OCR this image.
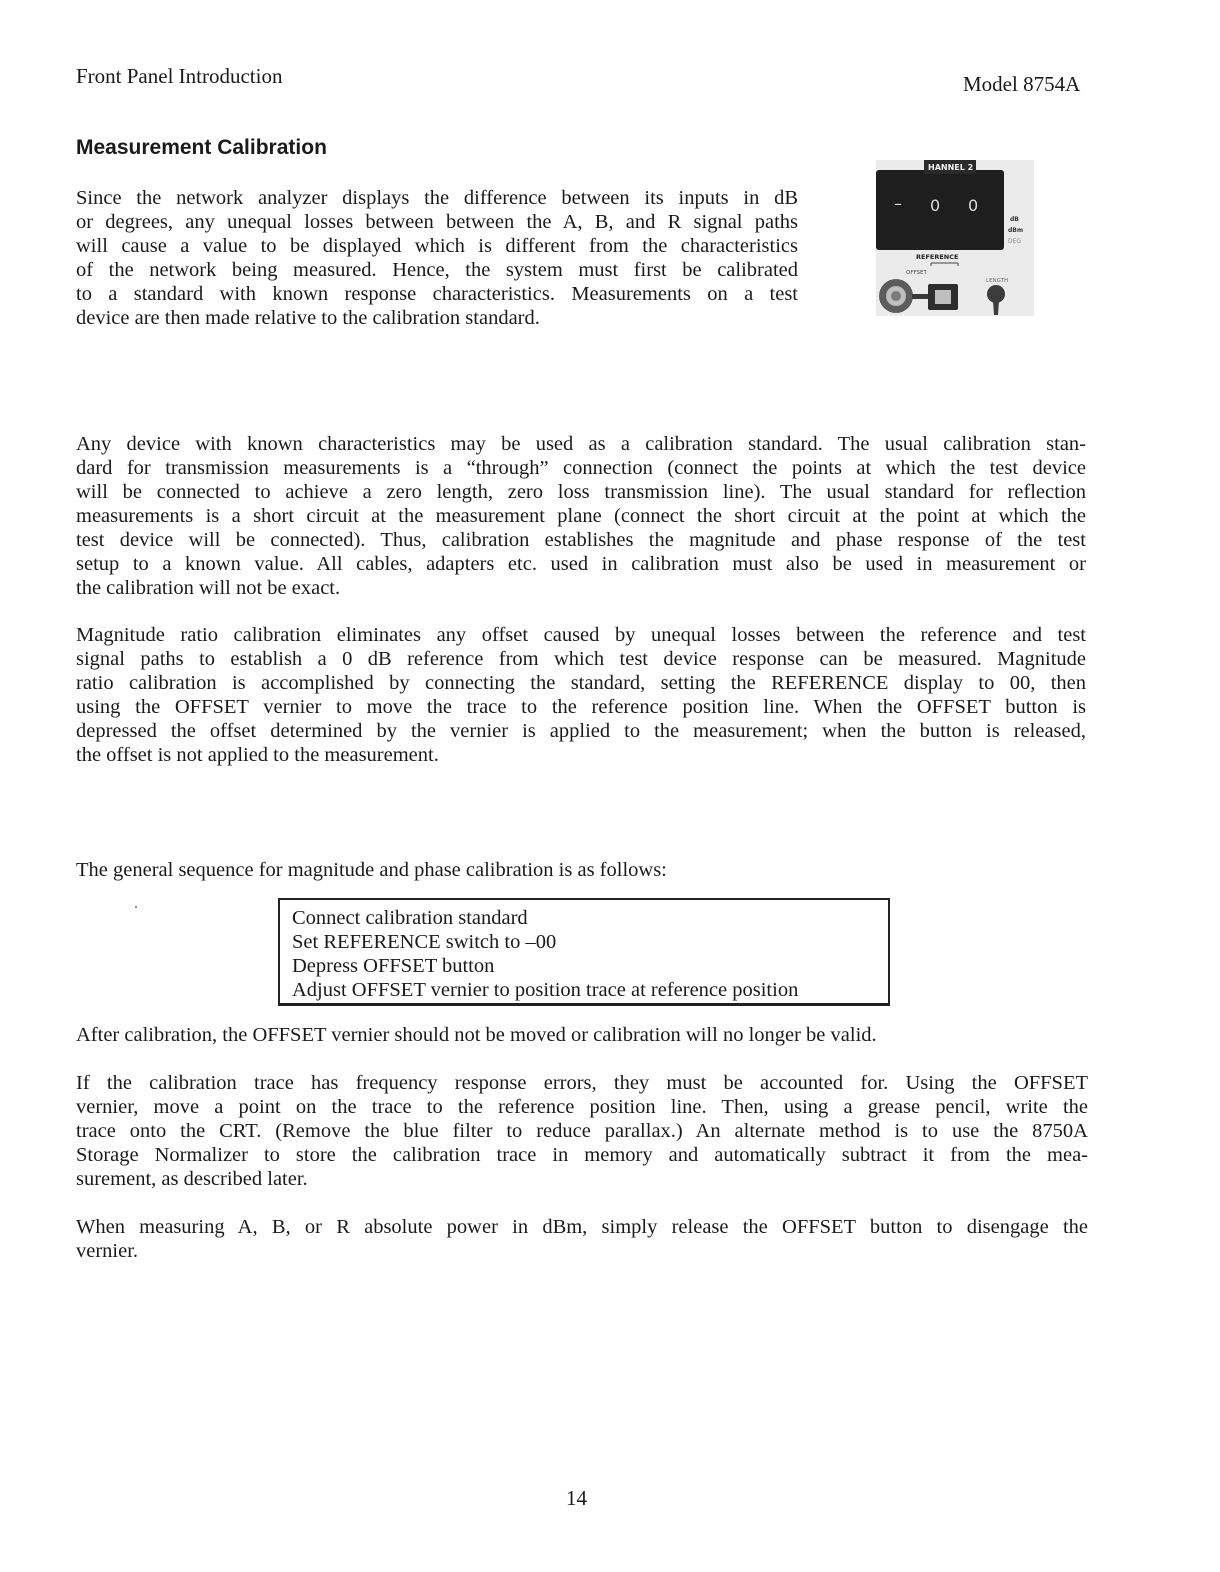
Front Panel Introduction	Model 8754A
Measurement Calibration
Since the network analyzer displays the difference between its inputs in dB
or degrees, any unequal losses between between the A, B, and R signal paths
will cause a value to be displayed which is different from the characteristics
of the network being measured. Hence, the system must first be calibrated
to a standard with known response characteristics. Measurements on a test
device are then made relative to the calibration standard.
HANNEL 2
– 0 0
dB
dBm
DEG
REFERENCE
OFFSET
LENGTH
Any device with known characteristics may be used as a calibration standard. The usual calibration stan-
dard for transmission measurements is a “through” connection (connect the points at which the test device
will be connected to achieve a zero length, zero loss transmission line). The usual standard for reflection
measurements is a short circuit at the measurement plane (connect the short circuit at the point at which the
test device will be connected). Thus, calibration establishes the magnitude and phase response of the test
setup to a known value. All cables, adapters etc. used in calibration must also be used in measurement or
the calibration will not be exact.
Magnitude ratio calibration eliminates any offset caused by unequal losses between the reference and test
signal paths to establish a 0 dB reference from which test device response can be measured. Magnitude
ratio calibration is accomplished by connecting the standard, setting the REFERENCE display to 00, then
using the OFFSET vernier to move the trace to the reference position line. When the OFFSET button is
depressed the offset determined by the vernier is applied to the measurement; when the button is released,
the offset is not applied to the measurement.
The general sequence for magnitude and phase calibration is as follows:
Connect calibration standard
Set REFERENCE switch to –00
Depress OFFSET button
Adjust OFFSET vernier to position trace at reference position
After calibration, the OFFSET vernier should not be moved or calibration will no longer be valid.
If the calibration trace has frequency response errors, they must be accounted for. Using the OFFSET
vernier, move a point on the trace to the reference position line. Then, using a grease pencil, write the
trace onto the CRT. (Remove the blue filter to reduce parallax.) An alternate method is to use the 8750A
Storage Normalizer to store the calibration trace in memory and automatically subtract it from the mea-
surement, as described later.
When measuring A, B, or R absolute power in dBm, simply release the OFFSET button to disengage the
vernier.
14
